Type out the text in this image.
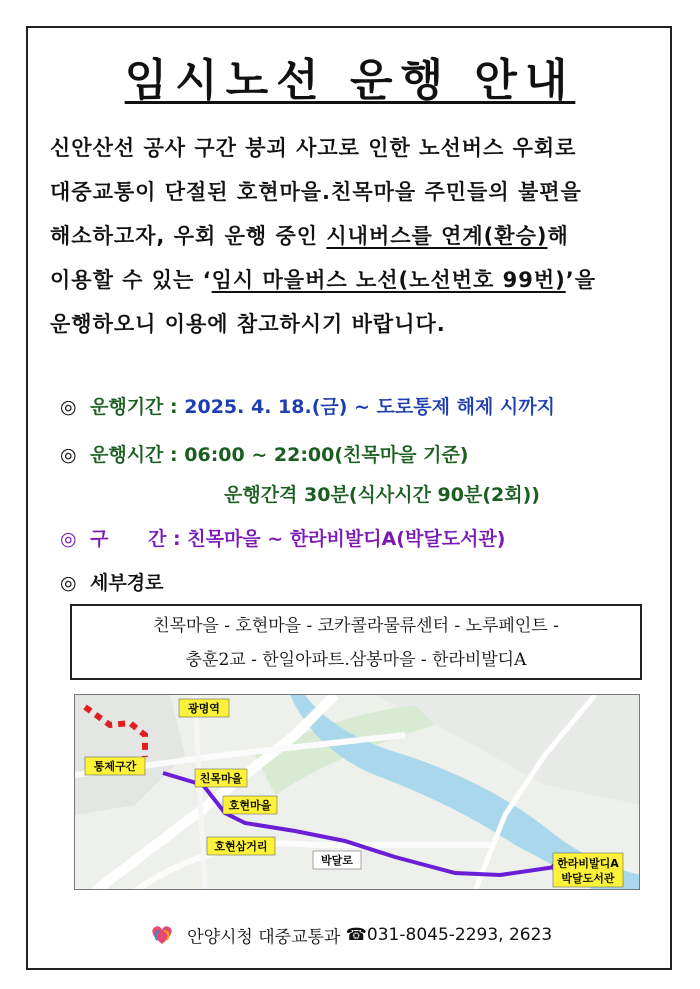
임시노선 운행 안내

신안산선 공사 구간 붕괴 사고로 인한 노선버스 우회로

대중교통이 단절된 호현마을.친목마을 주민들의 불편을

해소하고자, 우회 운행 중인 시내버스를 연계(환승)해

이용할 수 있는 ‘임시 마을버스 노선(노선번호 99번)’을

운행하오니 이용에 참고하시기 바랍니다.

◎ 운행기간 : 2025. 4. 18.(금) ~ 도로통제 해제 시까지
◎ 운행시간 : 06:00 ~ 22:00(친목마을 기준)
운행간격 30분(식사시간 90분(2회))
◎ 구      간 : 친목마을 ~ 한라비발디A(박달도서관)
◎ 세부경로
친목마을 - 호현마을 - 코카콜라물류센터 - 노루페인트 -
충훈2교 - 한일아파트.삼봉마을 - 한라비발디A
광명역
통제구간
친목마을
호현마을
호현삼거리
박달로	한라비발디A
박달도서관
안양시청 대중교통과 ☎031-8045-2293, 2623
